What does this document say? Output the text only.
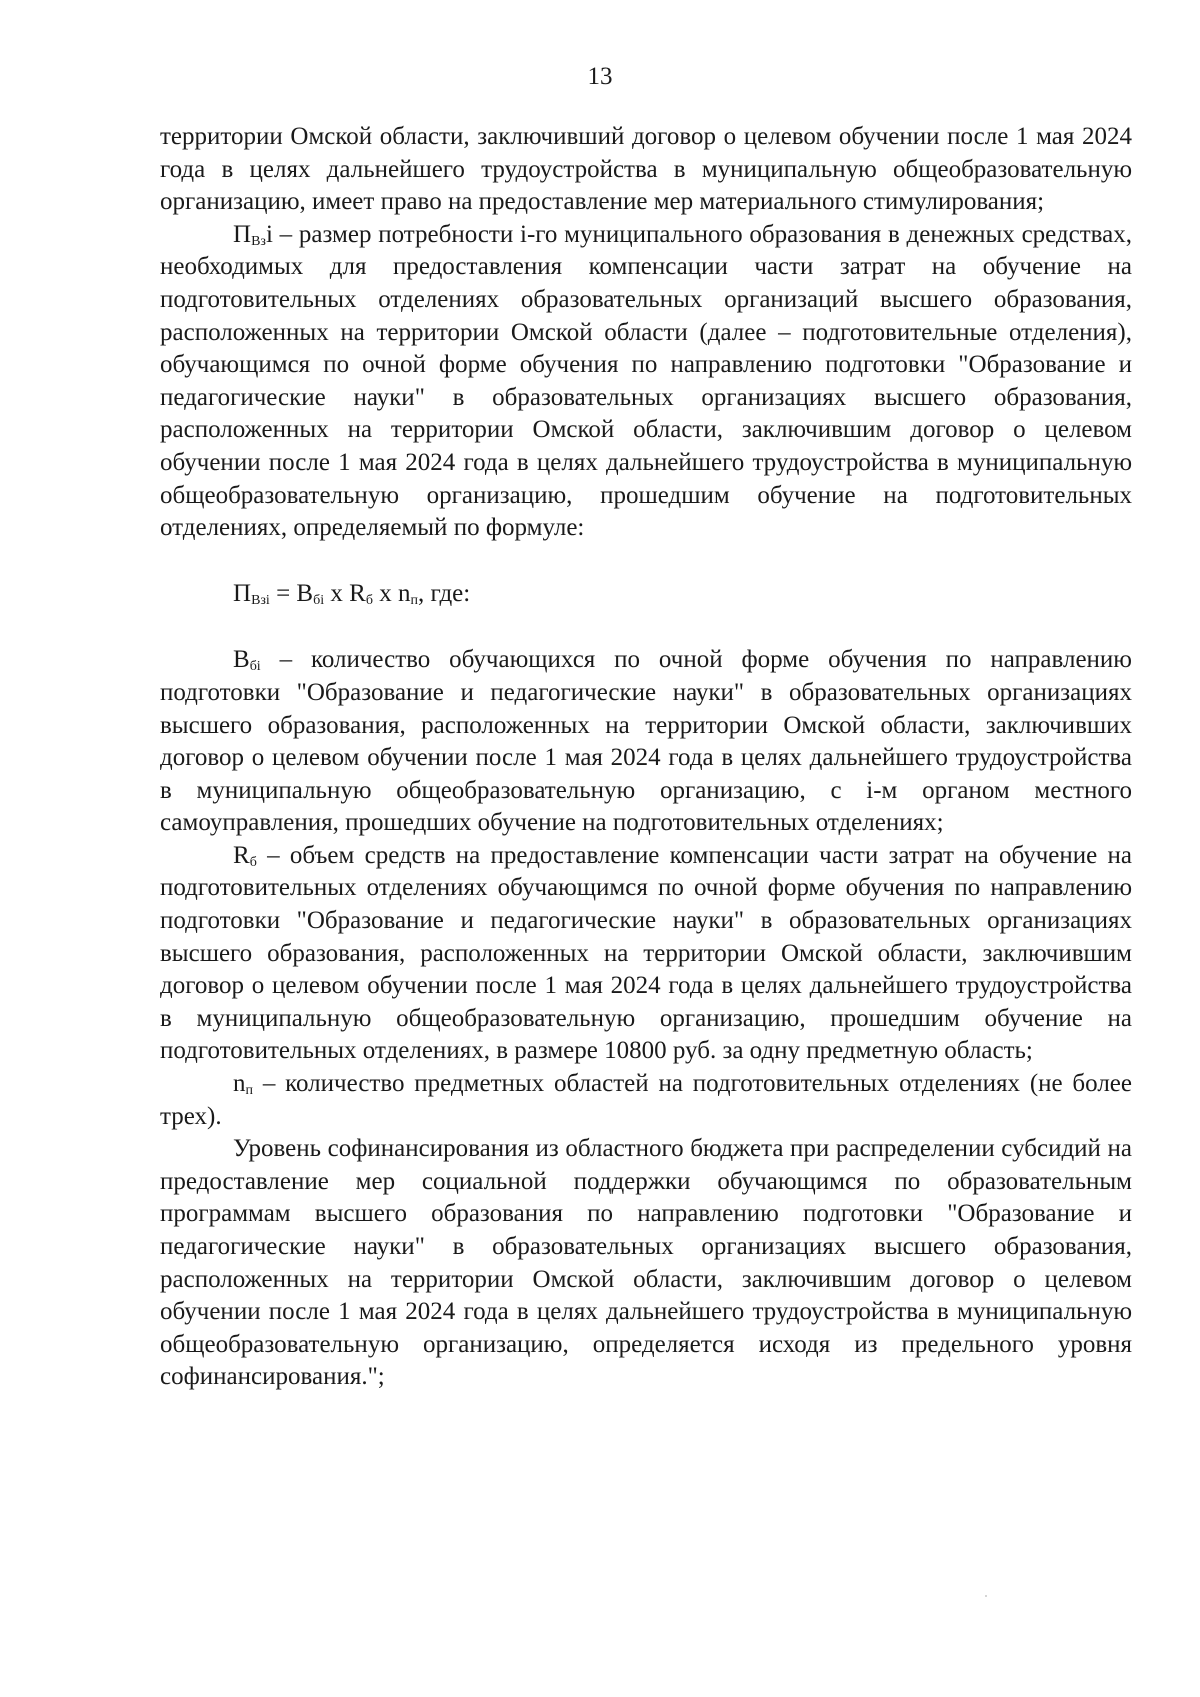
13

территории Омской области, заключивший договор о целевом обучении после 1 мая 2024 года в целях дальнейшего трудоустройства в муниципальную общеобразовательную организацию, имеет право на предоставление мер материального стимулирования;

$П_{Вз}i$ – размер потребности i-го муниципального образования в денежных средствах, необходимых для предоставления компенсации части затрат на обучение на подготовительных отделениях образовательных организаций высшего образования, расположенных на территории Омской области (далее – подготовительные отделения), обучающимся по очной форме обучения по направлению подготовки "Образование и педагогические науки" в образовательных организациях высшего образования, расположенных на территории Омской области, заключившим договор о целевом обучении после 1 мая 2024 года в целях дальнейшего трудоустройства в муниципальную общеобразовательную организацию, прошедшим обучение на подготовительных отделениях, определяемый по формуле:

$П_{Взi} = В_{бi}$ x $R_б$ x $n_п$, где:

$В_{бi}$ – количество обучающихся по очной форме обучения по направлению подготовки "Образование и педагогические науки" в образовательных организациях высшего образования, расположенных на территории Омской области, заключивших договор о целевом обучении после 1 мая 2024 года в целях дальнейшего трудоустройства в муниципальную общеобразовательную организацию, с i-м органом местного самоуправления, прошедших обучение на подготовительных отделениях;

$R_б$ – объем средств на предоставление компенсации части затрат на обучение на подготовительных отделениях обучающимся по очной форме обучения по направлению подготовки "Образование и педагогические науки" в образовательных организациях высшего образования, расположенных на территории Омской области, заключившим договор о целевом обучении после 1 мая 2024 года в целях дальнейшего трудоустройства в муниципальную общеобразовательную организацию, прошедшим обучение на подготовительных отделениях, в размере 10800 руб. за одну предметную область;

$n_п$ – количество предметных областей на подготовительных отделениях (не более трех).

Уровень софинансирования из областного бюджета при распределении субсидий на предоставление мер социальной поддержки обучающимся по образовательным программам высшего образования по направлению подготовки "Образование и педагогические науки" в образовательных организациях высшего образования, расположенных на территории Омской области, заключившим договор о целевом обучении после 1 мая 2024 года в целях дальнейшего трудоустройства в муниципальную общеобразовательную организацию, определяется исходя из предельного уровня софинансирования.";
